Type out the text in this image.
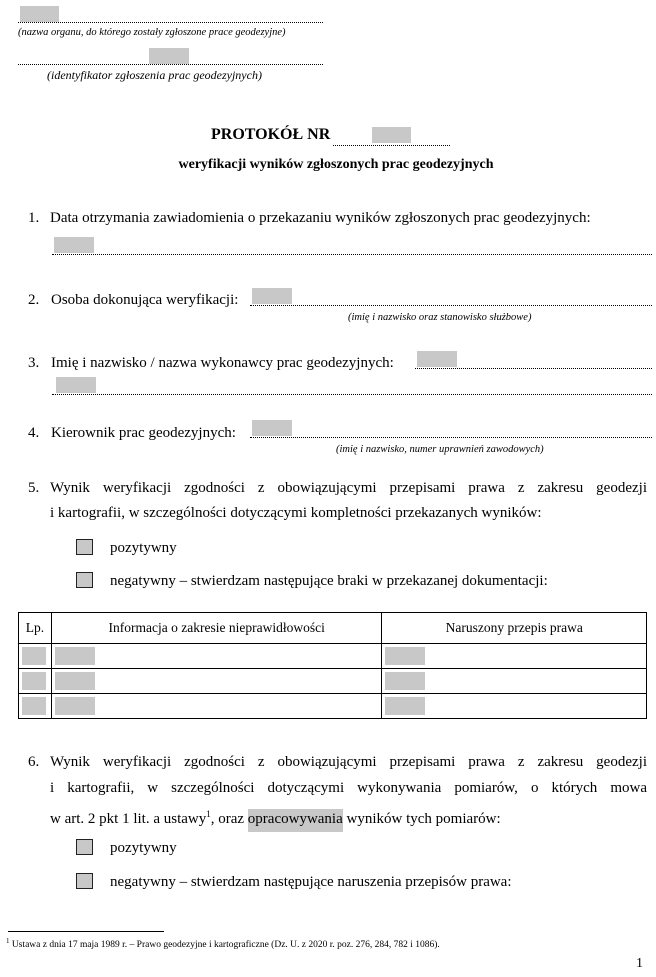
(nazwa organu, do którego zostały zgłoszone prace geodezyjne)
(identyfikator zgłoszenia prac geodezyjnych)
PROTOKÓŁ NR
weryfikacji wyników zgłoszonych prac geodezyjnych
1. Data otrzymania zawiadomienia o przekazaniu wyników zgłoszonych prac geodezyjnych:
2. Osoba dokonująca weryfikacji:
(imię i nazwisko oraz stanowisko służbowe)
3. Imię i nazwisko / nazwa wykonawcy prac geodezyjnych:
4. Kierownik prac geodezyjnych:
(imię i nazwisko, numer uprawnień zawodowych)
5. Wynik weryfikacji zgodności z obowiązującymi przepisami prawa z zakresu geodezji
i kartografii, w szczególności dotyczącymi kompletności przekazanych wyników:
pozytywny
negatywny – stwierdzam następujące braki w przekazanej dokumentacji:
Lp.	Informacja o zakresie nieprawidłowości	Naruszony przepis prawa

6. Wynik weryfikacji zgodności z obowiązującymi przepisami prawa z zakresu geodezji
i kartografii, w szczególności dotyczącymi wykonywania pomiarów, o których mowa
w art. 2 pkt 1 lit. a ustawy$^1$, oraz opracowywania wyników tych pomiarów:
pozytywny
negatywny – stwierdzam następujące naruszenia przepisów prawa:
$^1$ Ustawa z dnia 17 maja 1989 r. – Prawo geodezyjne i kartograficzne (Dz. U. z 2020 r. poz. 276, 284, 782 i 1086).
1
